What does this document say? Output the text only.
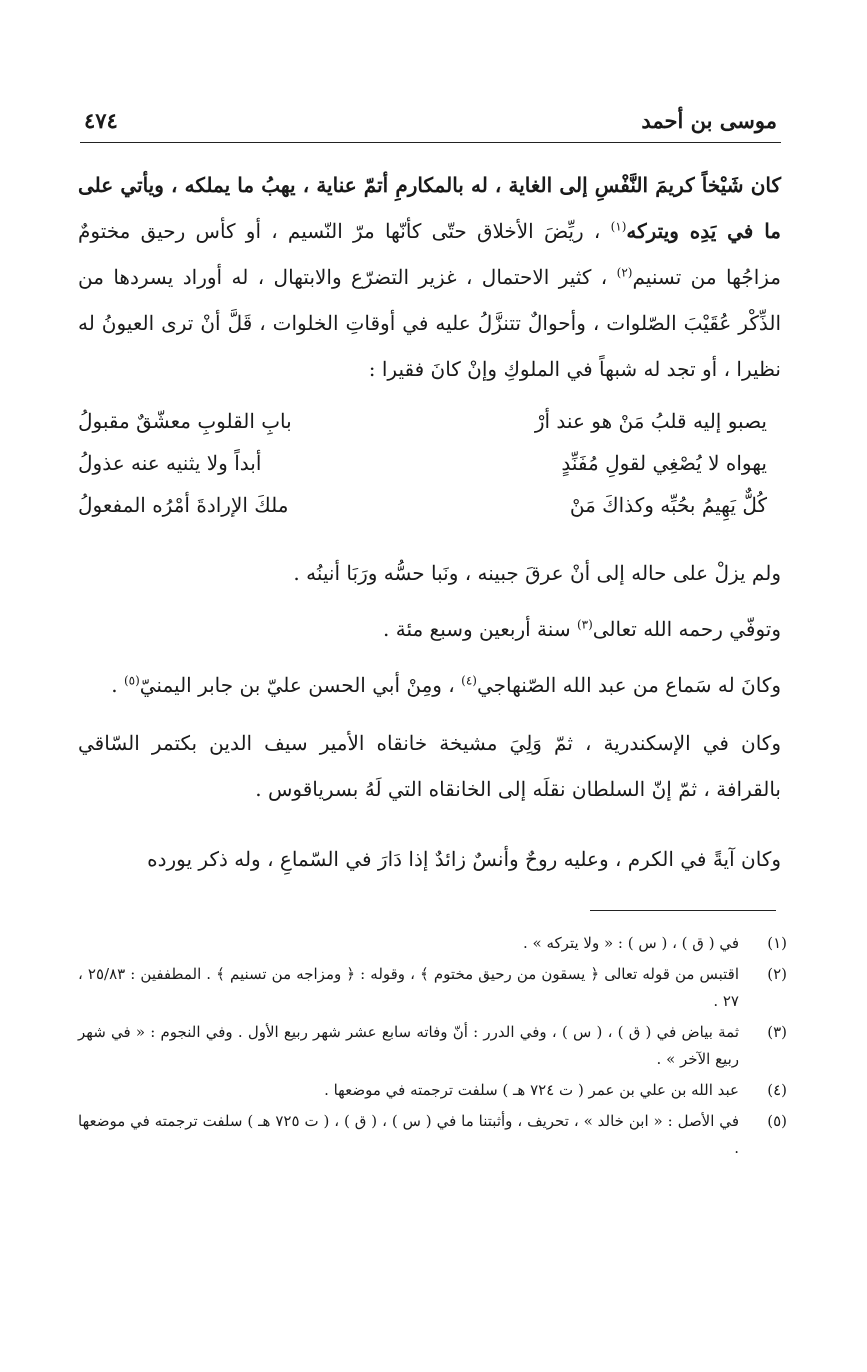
موسى بن أحمد
٤٧٤
كان شَيْخاً كريمَ النَّفْسِ إلى الغاية ، له بالمكارمِ أتمّ عناية ، يهبُ ما يملكه ، ويأتي على ما في يَدِه ويتركه$^{(١)}$ ، ريِّضَ الأخلاق حتّى كأنّها مرّ النّسيم ، أو كأس رحيق مختومٌ مزاجُها من تسنيم$^{(٢)}$ ، كثير الاحتمال ، غزير التضرّع والابتهال ، له أوراد يسردها من الذِّكْر عُقَيْبَ الصّلوات ، وأحوالٌ تتنزَّلُ عليه في أوقاتِ الخلوات ، قَلَّ أنْ ترى العيونُ له نظيرا ، أو تجد له شبهاً في الملوكِ وإنْ كانَ فقيرا :
يصبو إليه قلبُ مَنْ هو عند أرْ
بابِ القلوبِ معشّقٌ مقبولُ
يهواه لا يُصْغِي لقولِ مُفَنِّدٍ
أبداً ولا يثنيه عنه عذولُ
كُلٌّ يَهِيمُ بحُبِّه وكذاكَ مَنْ
ملكَ الإرادةَ أمْرُه المفعولُ
ولم يزلْ على حاله إلى أنْ عرقَ جبينه ، ونَبا حسُّه ورَبَا أنينُه .
وتوفّي رحمه الله تعالى$^{(٣)}$ سنة أربعين وسبع مئة .
وكانَ له سَماع من عبد الله الصّنهاجي$^{(٤)}$ ، ومِنْ أبي الحسن عليّ بن جابر اليمنيّ$^{(٥)}$ .
وكان في الإسكندرية ، ثمّ وَلِيَ مشيخة خانقاه الأمير سيف الدين بكتمر السّاقي بالقرافة ، ثمّ إنّ السلطان نقلَه إلى الخانقاه التي لَهُ بسرياقوس .
وكان آيةً في الكرم ، وعليه روحٌ وأنسٌ زائدٌ إذا دَارَ في السّماعِ ، وله ذكر يورده
(١)
في ( ق ) ، ( س ) : « ولا يتركه » .
(٢)
اقتبس من قوله تعالى ﴿ يسقون من رحيق مختوم ﴾ ، وقوله : ﴿ ومزاجه من تسنيم ﴾ . المطففين : ٢٥/٨٣ ، ٢٧ .
(٣)
ثمة بياض في ( ق ) ، ( س ) ، وفي الدرر : أنّ وفاته سابع عشر شهر ربيع الأول . وفي النجوم : « في شهر ربيع الآخر » .
(٤)
عبد الله بن علي بن عمر ( ت ٧٢٤ هـ ) سلفت ترجمته في موضعها .
(٥)
في الأصل : « ابن خالد » ، تحريف ، وأثبتنا ما في ( س ) ، ( ق ) ، ( ت ٧٢٥ هـ ) سلفت ترجمته في موضعها .
